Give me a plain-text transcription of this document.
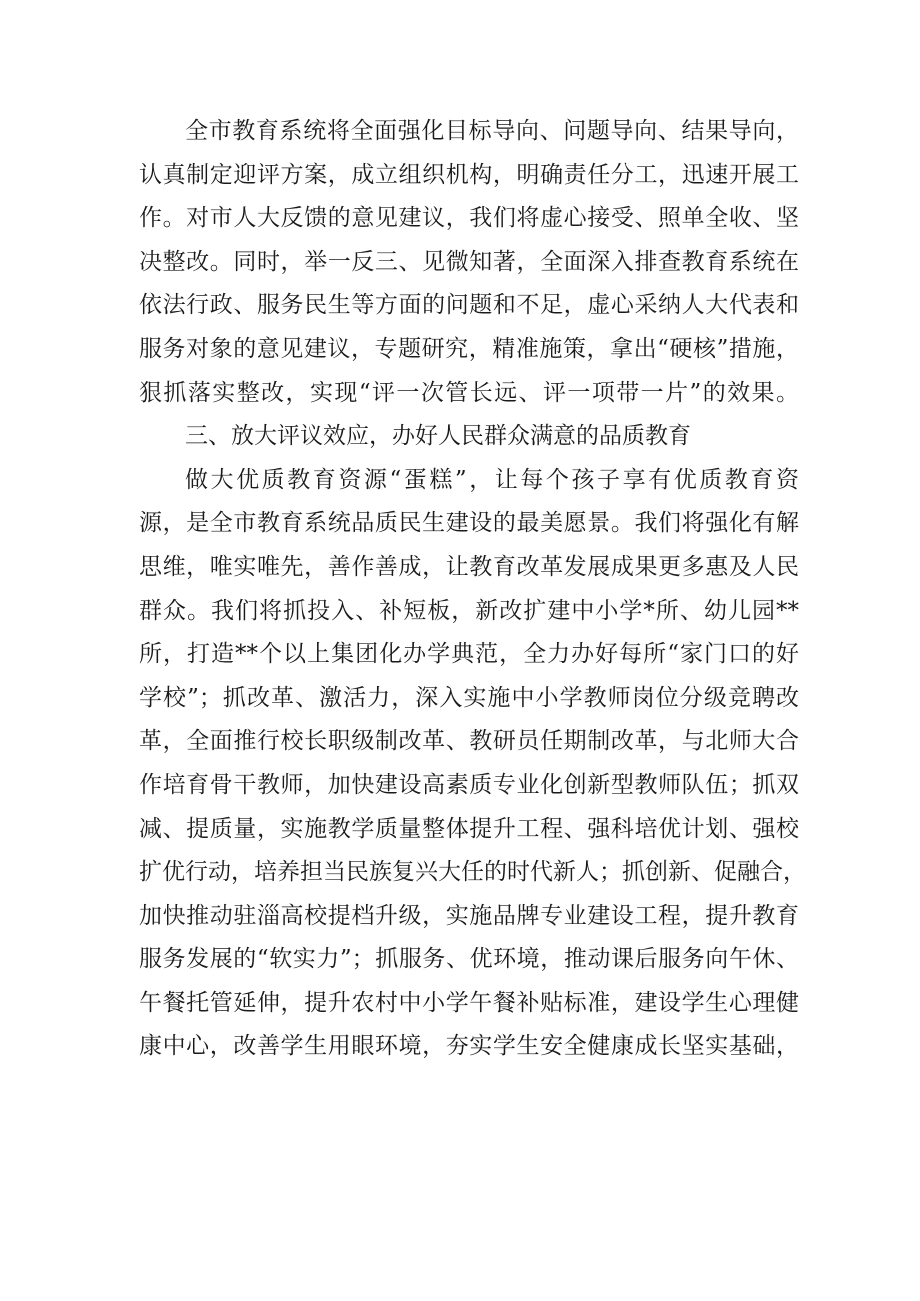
全市教育系统将全面强化目标导向、问题导向、结果导向，
认真制定迎评方案，成立组织机构，明确责任分工，迅速开展工
作。对市人大反馈的意见建议，我们将虚心接受、照单全收、坚
决整改。同时，举一反三、见微知著，全面深入排查教育系统在
依法行政、服务民生等方面的问题和不足，虚心采纳人大代表和
服务对象的意见建议，专题研究，精准施策，拿出“硬核”措施，
狠抓落实整改，实现“评一次管长远、评一项带一片”的效果。
三、放大评议效应，办好人民群众满意的品质教育
做大优质教育资源“蛋糕”，让每个孩子享有优质教育资
源，是全市教育系统品质民生建设的最美愿景。我们将强化有解
思维，唯实唯先，善作善成，让教育改革发展成果更多惠及人民
群众。我们将抓投入、补短板，新改扩建中小学*所、幼儿园**
所，打造**个以上集团化办学典范，全力办好每所“家门口的好
学校”；抓改革、激活力，深入实施中小学教师岗位分级竞聘改
革，全面推行校长职级制改革、教研员任期制改革，与北师大合
作培育骨干教师，加快建设高素质专业化创新型教师队伍；抓双
减、提质量，实施教学质量整体提升工程、强科培优计划、强校
扩优行动，培养担当民族复兴大任的时代新人；抓创新、促融合，
加快推动驻淄高校提档升级，实施品牌专业建设工程，提升教育
服务发展的“软实力”；抓服务、优环境，推动课后服务向午休、
午餐托管延伸，提升农村中小学午餐补贴标准，建设学生心理健
康中心，改善学生用眼环境，夯实学生安全健康成长坚实基础，
